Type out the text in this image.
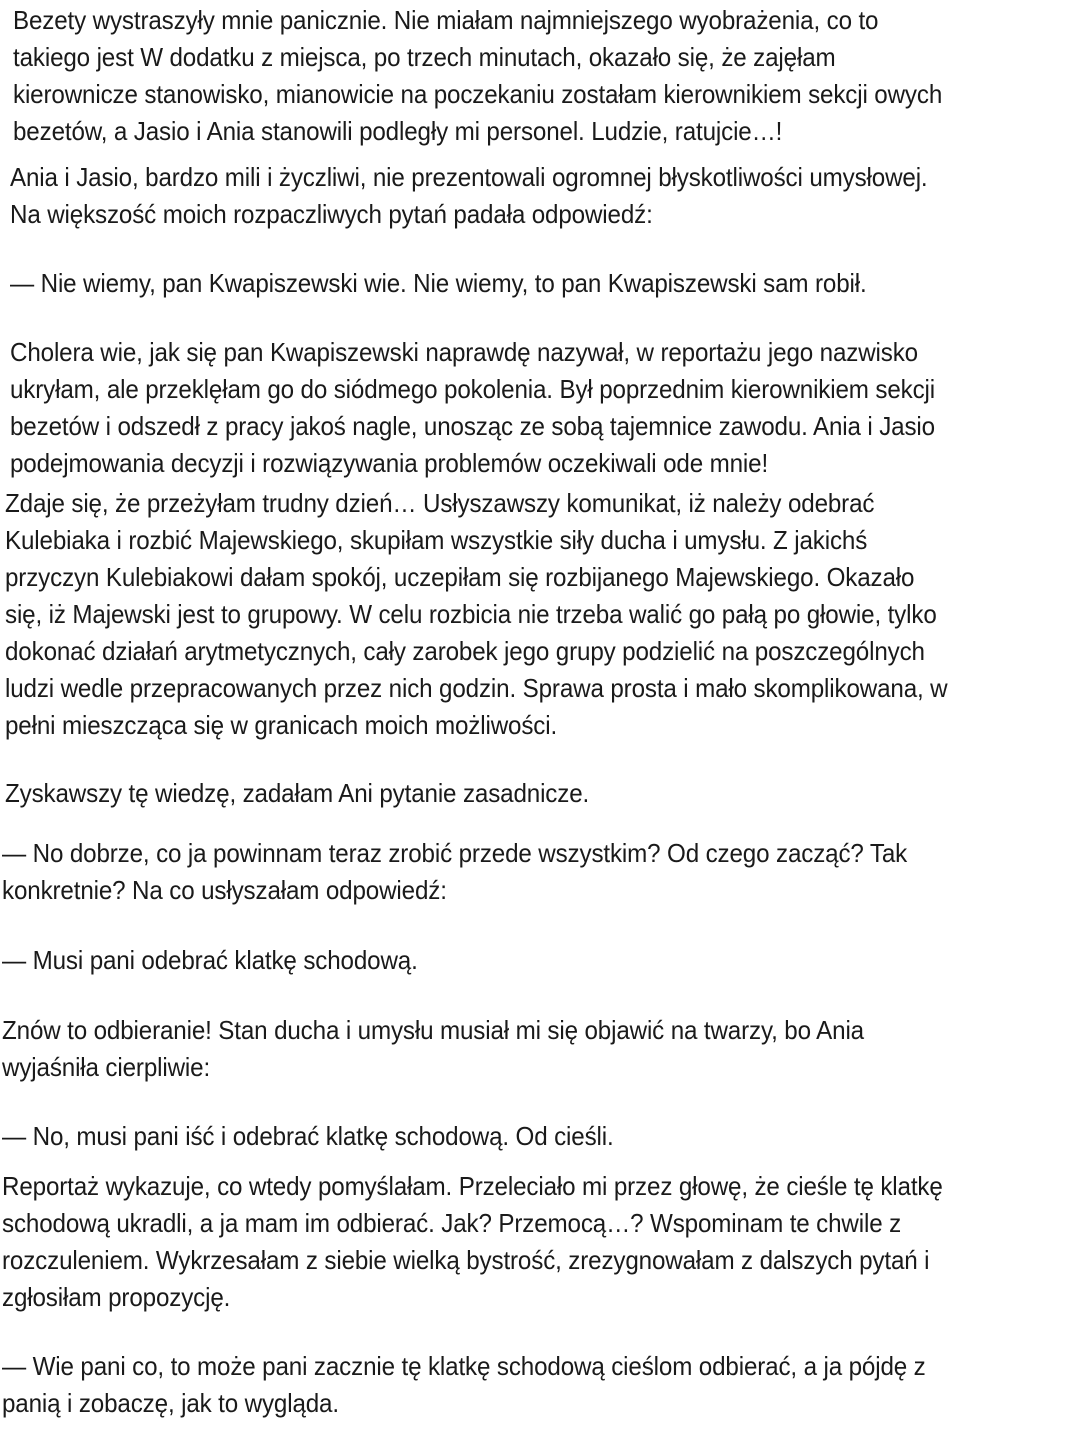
Bezety wystraszyły mnie panicznie. Nie miałam najmniejszego wyobrażenia, co to
takiego jest W dodatku z miejsca, po trzech minutach, okazało się, że zajęłam
kierownicze stanowisko, mianowicie na poczekaniu zostałam kierownikiem sekcji owych
bezetów, a Jasio i Ania stanowili podległy mi personel. Ludzie, ratujcie…!
Ania i Jasio, bardzo mili i życzliwi, nie prezentowali ogromnej błyskotliwości umysłowej.
Na większość moich rozpaczliwych pytań padała odpowiedź:
— Nie wiemy, pan Kwapiszewski wie. Nie wiemy, to pan Kwapiszewski sam robił.
Cholera wie, jak się pan Kwapiszewski naprawdę nazywał, w reportażu jego nazwisko
ukryłam, ale przeklęłam go do siódmego pokolenia. Był poprzednim kierownikiem sekcji
bezetów i odszedł z pracy jakoś nagle, unosząc ze sobą tajemnice zawodu. Ania i Jasio
podejmowania decyzji i rozwiązywania problemów oczekiwali ode mnie!
Zdaje się, że przeżyłam trudny dzień… Usłyszawszy komunikat, iż należy odebrać
Kulebiaka i rozbić Majewskiego, skupiłam wszystkie siły ducha i umysłu. Z jakichś
przyczyn Kulebiakowi dałam spokój, uczepiłam się rozbijanego Majewskiego. Okazało
się, iż Majewski jest to grupowy. W celu rozbicia nie trzeba walić go pałą po głowie, tylko
dokonać działań arytmetycznych, cały zarobek jego grupy podzielić na poszczególnych
ludzi wedle przepracowanych przez nich godzin. Sprawa prosta i mało skomplikowana, w
pełni mieszcząca się w granicach moich możliwości.
Zyskawszy tę wiedzę, zadałam Ani pytanie zasadnicze.
— No dobrze, co ja powinnam teraz zrobić przede wszystkim? Od czego zacząć? Tak
konkretnie? Na co usłyszałam odpowiedź:
— Musi pani odebrać klatkę schodową.
Znów to odbieranie! Stan ducha i umysłu musiał mi się objawić na twarzy, bo Ania
wyjaśniła cierpliwie:
— No, musi pani iść i odebrać klatkę schodową. Od cieśli.
Reportaż wykazuje, co wtedy pomyślałam. Przeleciało mi przez głowę, że cieśle tę klatkę
schodową ukradli, a ja mam im odbierać. Jak? Przemocą…? Wspominam te chwile z
rozczuleniem. Wykrzesałam z siebie wielką bystrość, zrezygnowałam z dalszych pytań i
zgłosiłam propozycję.
— Wie pani co, to może pani zacznie tę klatkę schodową cieślom odbierać, a ja pójdę z
panią i zobaczę, jak to wygląda.
